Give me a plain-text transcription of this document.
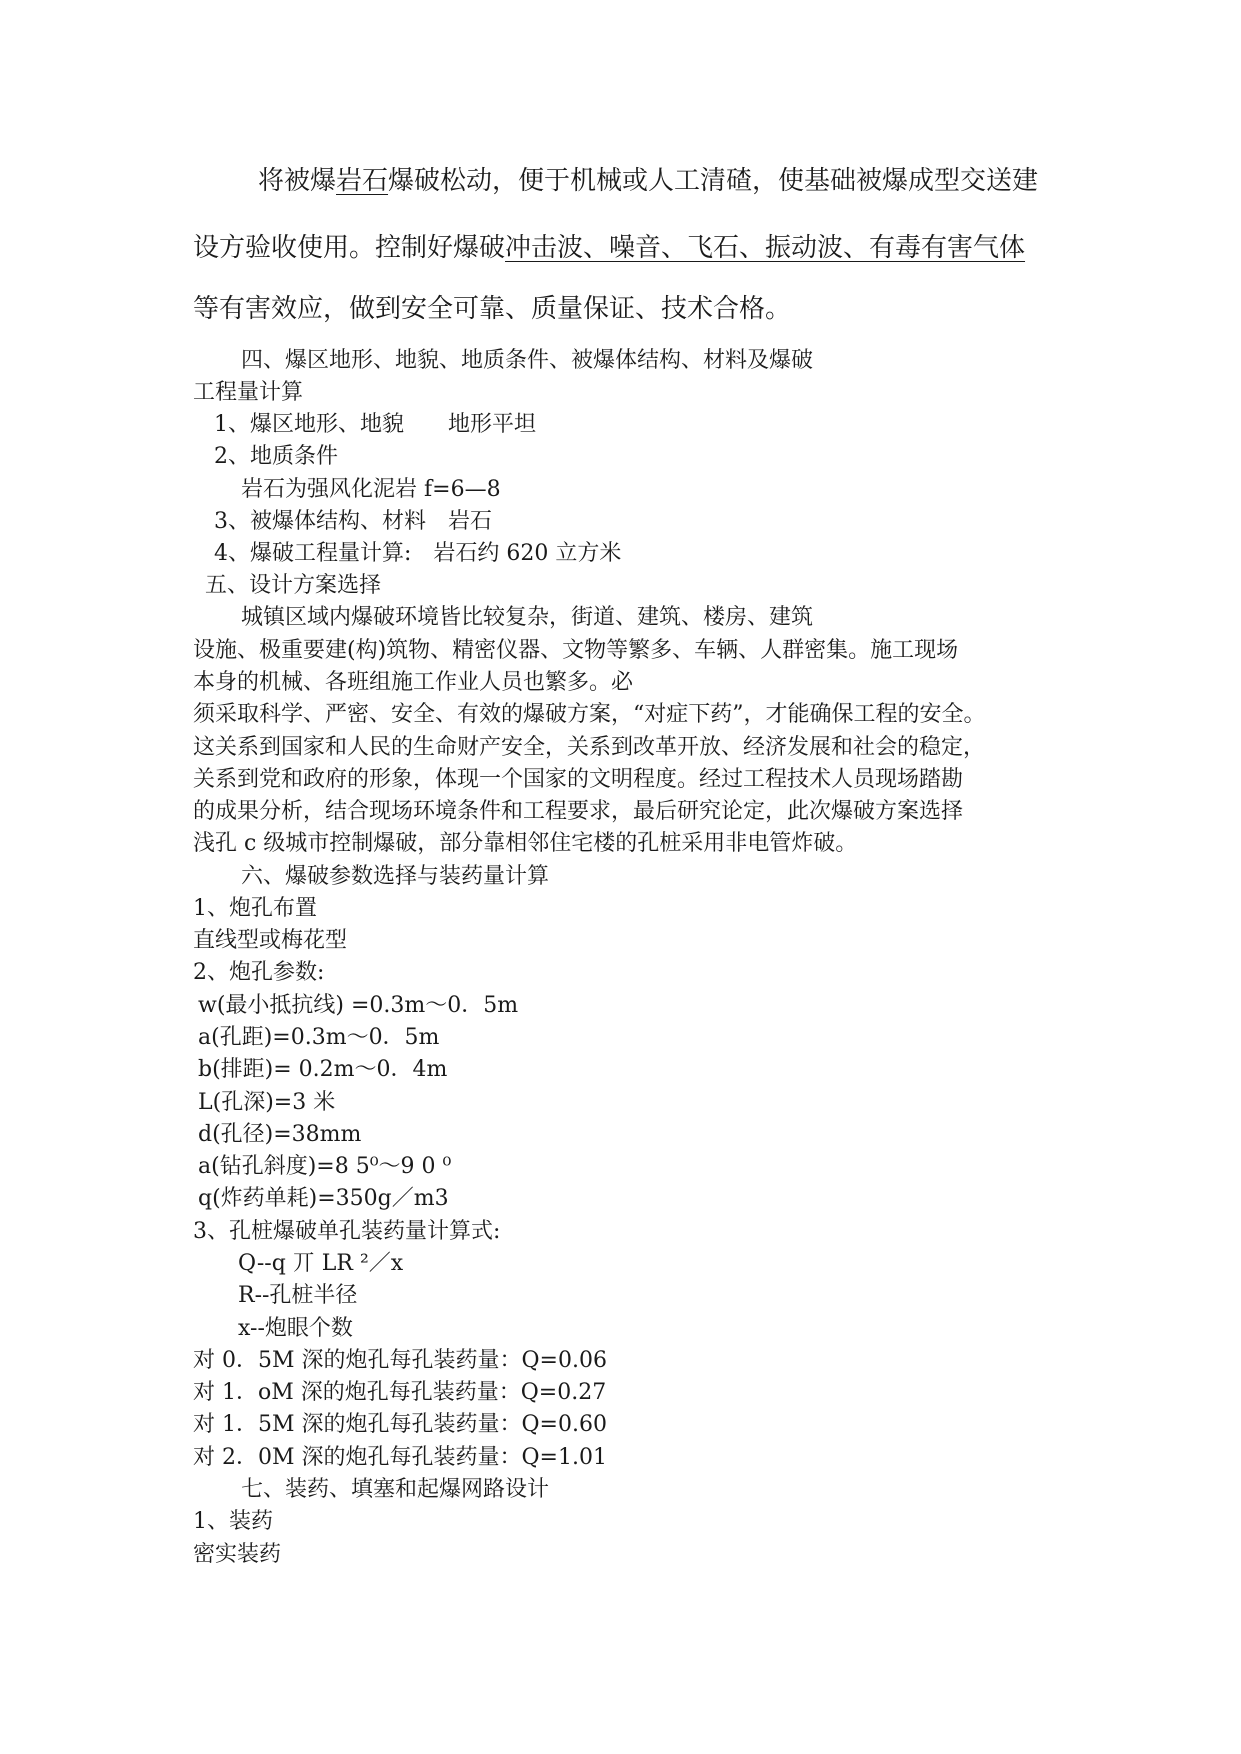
将被爆岩石爆破松动，便于机械或人工清碴，使基础被爆成型交送建
设方验收使用。控制好爆破冲击波、噪音、飞石、振动波、有毒有害气体
等有害效应，做到安全可靠、质量保证、技术合格。
四、爆区地形、地貌、地质条件、被爆体结构、材料及爆破
工程量计算
1、爆区地形、地貌　　地形平坦
2、地质条件
岩石为强风化泥岩 f=6—8
3、被爆体结构、材料　岩石
4、爆破工程量计算:　岩石约 620 立方米
五、设计方案选择
城镇区域内爆破环境皆比较复杂，街道、建筑、楼房、建筑
设施、极重要建(构)筑物、精密仪器、文物等繁多、车辆、人群密集。施工现场
本身的机械、各班组施工作业人员也繁多。必
须采取科学、严密、安全、有效的爆破方案，“对症下药”，才能确保工程的安全。
这关系到国家和人民的生命财产安全，关系到改革开放、经济发展和社会的稳定，
关系到党和政府的形象，体现一个国家的文明程度。经过工程技术人员现场踏勘
的成果分析，结合现场环境条件和工程要求，最后研究论定，此次爆破方案选择
浅孔 c 级城市控制爆破，部分靠相邻住宅楼的孔桩采用非电管炸破。
六、爆破参数选择与装药量计算
1、炮孔布置
直线型或梅花型
2、炮孔参数:
w(最小抵抗线) =0.3m～0．5m
a(孔距)=0.3m～0．5m
b(排距)= 0.2m～0．4m
L(孔深)=3 米
d(孔径)=38mm
a(钻孔斜度)=8 5⁰～9 0 ⁰
q(炸药单耗)=350g／m3
3、孔桩爆破单孔装药量计算式:
Q--q 丌 LR ²／x
R--孔桩半径
x--炮眼个数
对 0．5M 深的炮孔每孔装药量：Q=0.06
对 1．oM 深的炮孔每孔装药量：Q=0.27
对 1．5M 深的炮孔每孔装药量：Q=0.60
对 2．0M 深的炮孔每孔装药量：Q=1.01
七、装药、填塞和起爆网路设计
1、装药
密实装药
